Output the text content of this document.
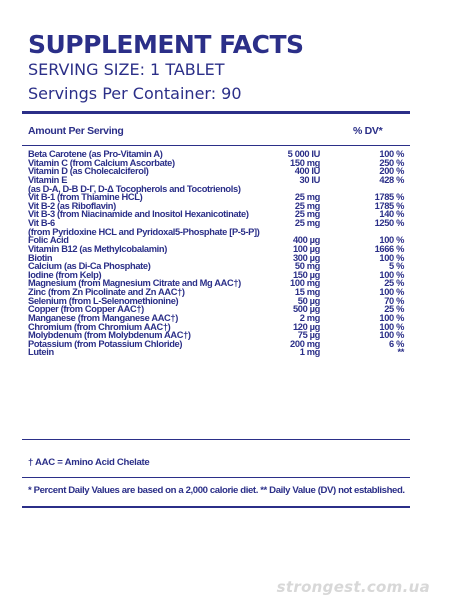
SUPPLEMENT FACTS
SERVING SIZE: 1 TABLET
Servings Per Container: 90
Amount Per Serving	% DV*
Beta Carotene (as Pro-Vitamin A)	5 000 IU	100 %
Vitamin C (from Calcium Ascorbate)	150 mg	250 %
Vitamin D (as Cholecalciferol)	400 IU	200 %
Vitamin E	30 IU	428 %
(as D-A, D-B D-Γ, D-Δ Tocopherols and Tocotrienols)
Vit B-1 (from Thiamine HCL)	25 mg	1785 %
Vit B-2 (as Riboflavin)	25 mg	1785 %
Vit B-3 (from Niacinamide and Inositol Hexanicotinate)	25 mg	140 %
Vit B-6	25 mg	1250 %
(from Pyridoxine HCL and Pyridoxal5-Phosphate [P-5-P])
Folic Acid	400 µg	100 %
Vitamin B12 (as Methylcobalamin)	100 µg	1666 %
Biotin	300 µg	100 %
Calcium (as Di-Ca Phosphate)	50 mg	5 %
Iodine (from Kelp)	150 µg	100 %
Magnesium (from Magnesium Citrate and Mg AAC†)	100 mg	25 %
Zinc (from Zn Picolinate and Zn AAC†)	15 mg	100 %
Selenium (from L-Selenomethionine)	50 µg	70 %
Copper (from Copper AAC†)	500 µg	25 %
Manganese (from Manganese AAC†)	2 mg	100 %
Chromium (from Chromium AAC†)	120 µg	100 %
Molybdenum (from Molybdenum AAC†)	75 µg	100 %
Potassium (from Potassium Chloride)	200 mg	6 %
Lutein	1 mg	**
† AAC = Amino Acid Chelate
* Percent Daily Values are based on a 2,000 calorie diet. ** Daily Value (DV) not established.
strongest.com.ua
